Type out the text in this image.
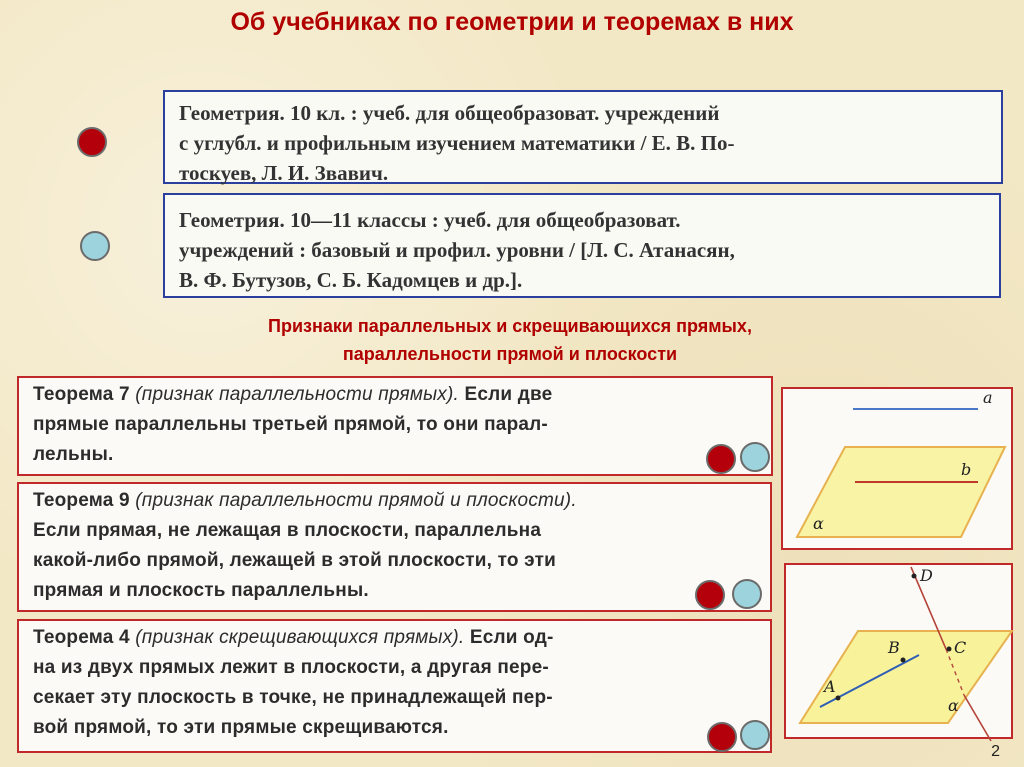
Об учебниках по геометрии и теоремах в них
Геометрия. 10 кл. : учеб. для общеобразоват. учреждений
с углубл. и профильным изучением математики / Е. В. По-
тоскуев, Л. И. Звавич.
Геометрия. 10—11 классы : учеб. для общеобразоват.
учреждений : базовый и профил. уровни / [Л. С. Атанасян,
В. Ф. Бутузов, С. Б. Кадомцев и др.].
Признаки параллельных и скрещивающихся прямых,
параллельности прямой и плоскости
Теорема 7 (признак параллельности прямых). Если две
прямые параллельны третьей прямой, то они парал-
лельны.
Теорема 9 (признак параллельности прямой и плоскости).
Если прямая, не лежащая в плоскости, параллельна
какой-либо прямой, лежащей в этой плоскости, то эти
прямая и плоскость параллельны.
Теорема 4 (признак скрещивающихся прямых). Если од-
на из двух прямых лежит в плоскости, а другая пере-
секает эту плоскость в точке, не принадлежащей пер-
вой прямой, то эти прямые скрещиваются.
a
b
α
D
B	C
A
α
2
